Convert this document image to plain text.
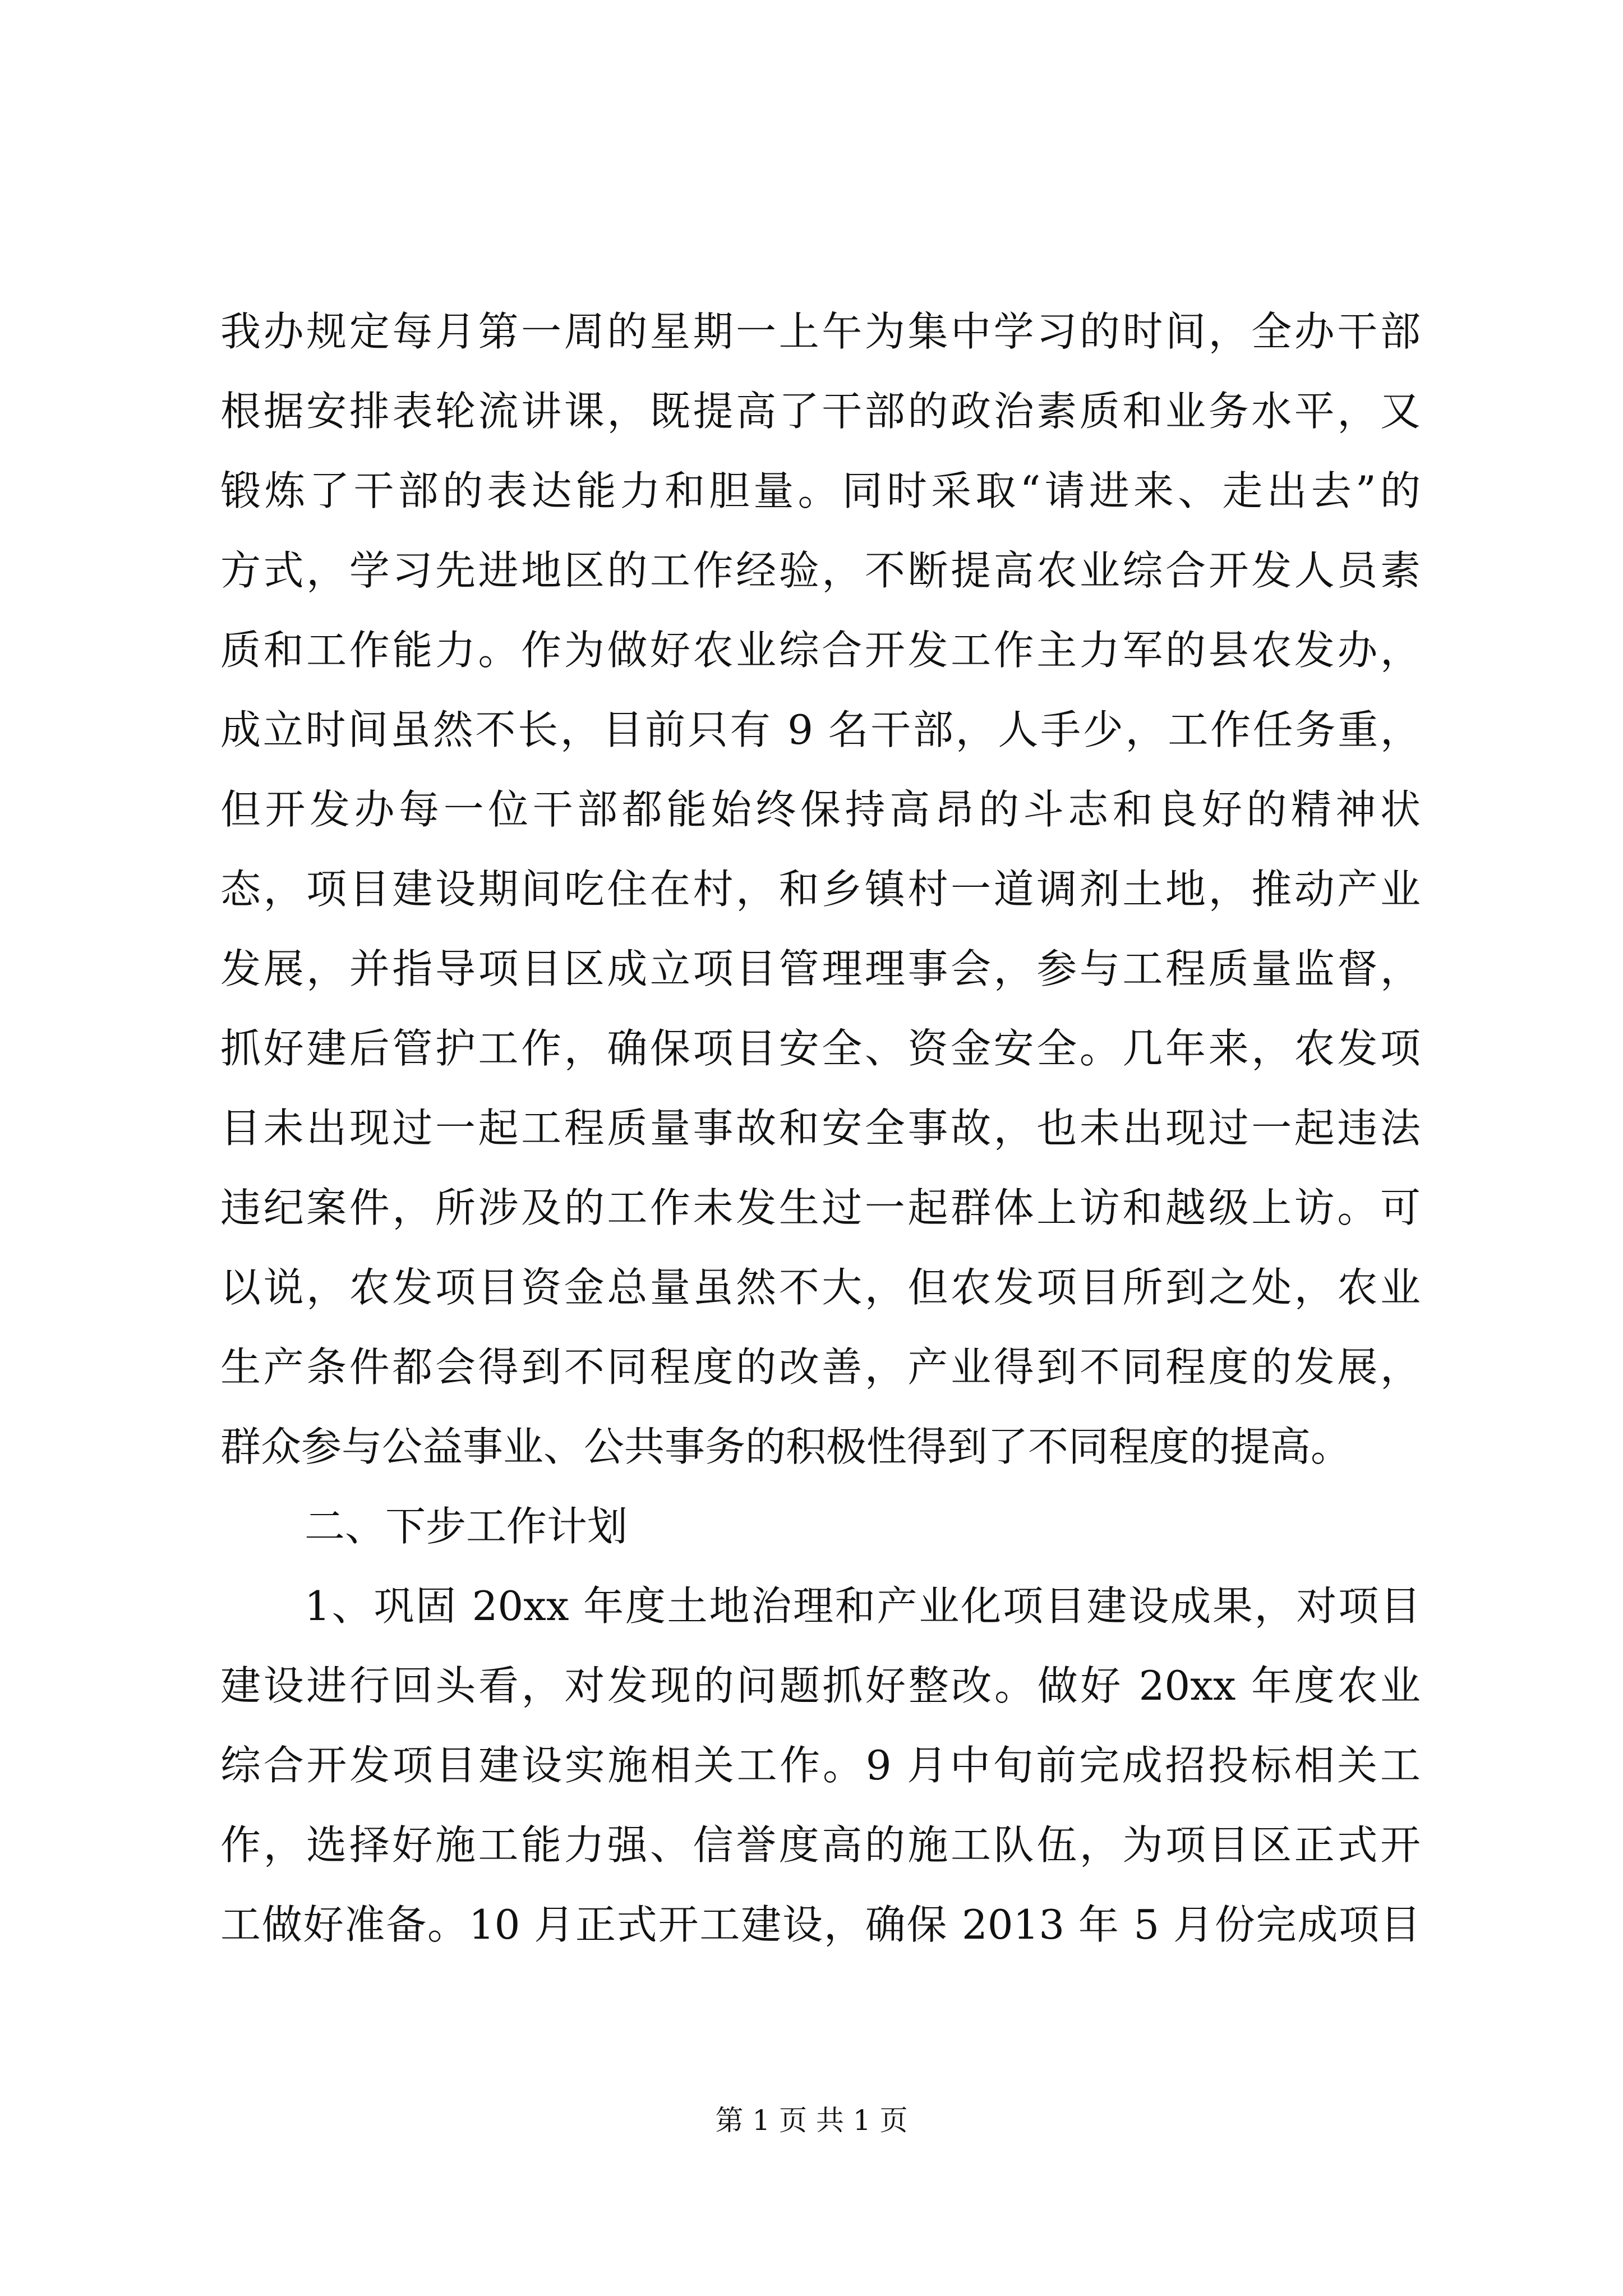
我办规定每月第一周的星期一上午为集中学习的时间，全办干部
根据安排表轮流讲课，既提高了干部的政治素质和业务水平，又
锻炼了干部的表达能力和胆量。同时采取“请进来、走出去”的
方式，学习先进地区的工作经验，不断提高农业综合开发人员素
质和工作能力。作为做好农业综合开发工作主力军的县农发办，
成立时间虽然不长，目前只有 9 名干部，人手少，工作任务重，
但开发办每一位干部都能始终保持高昂的斗志和良好的精神状
态，项目建设期间吃住在村，和乡镇村一道调剂土地，推动产业
发展，并指导项目区成立项目管理理事会，参与工程质量监督，
抓好建后管护工作，确保项目安全、资金安全。几年来，农发项
目未出现过一起工程质量事故和安全事故，也未出现过一起违法
违纪案件，所涉及的工作未发生过一起群体上访和越级上访。可
以说，农发项目资金总量虽然不大，但农发项目所到之处，农业
生产条件都会得到不同程度的改善，产业得到不同程度的发展，
群众参与公益事业、公共事务的积极性得到了不同程度的提高。
二、下步工作计划
1、巩固 20xx 年度土地治理和产业化项目建设成果，对项目
建设进行回头看，对发现的问题抓好整改。做好 20xx 年度农业
综合开发项目建设实施相关工作。9 月中旬前完成招投标相关工
作，选择好施工能力强、信誉度高的施工队伍，为项目区正式开
工做好准备。10 月正式开工建设，确保 2013 年 5 月份完成项目
第 1 页 共 1 页
